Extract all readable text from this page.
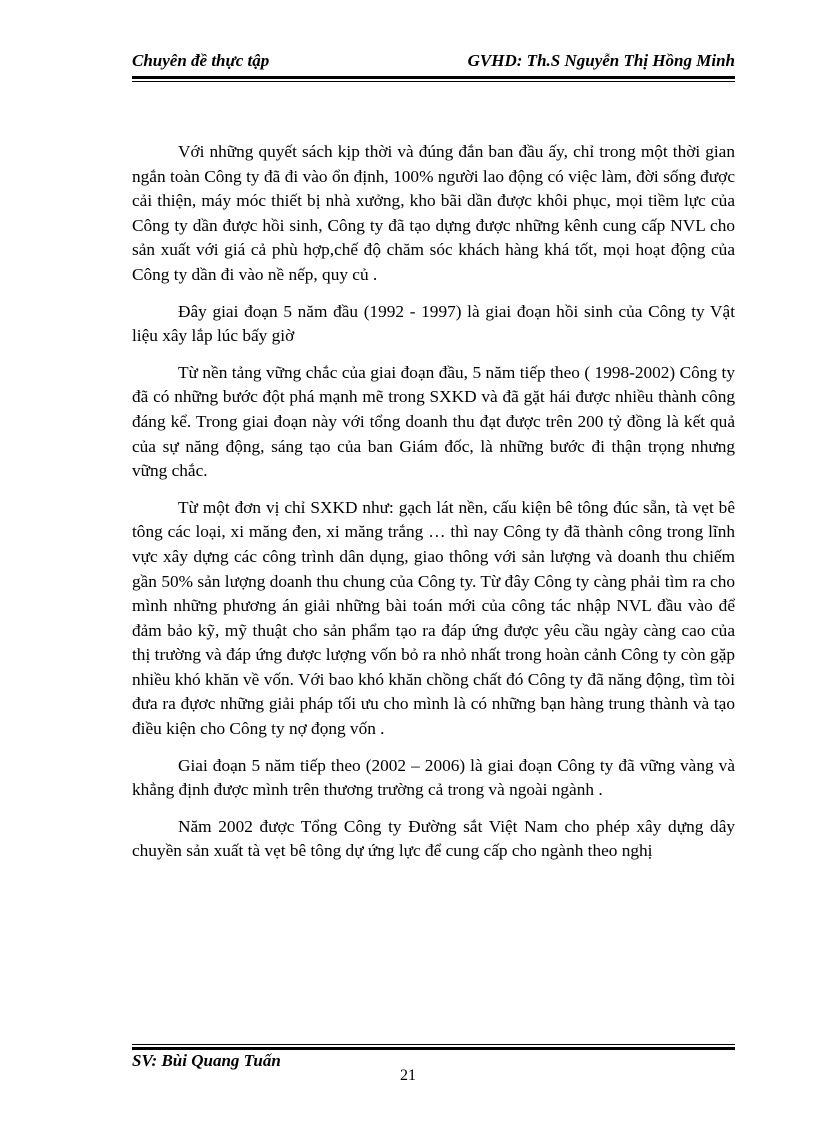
Chuyên đề thực tập	GVHD: Th.S Nguyễn Thị Hồng Minh

Với những quyết sách kịp thời và đúng đắn ban đầu ấy, chỉ trong một thời gian ngắn toàn Công ty đã đi vào ổn định, 100% người lao động có việc làm, đời sống được cải thiện, máy móc thiết bị nhà xưởng, kho bãi dần được khôi phục, mọi tiềm lực của Công ty dần được hồi sinh, Công ty đã tạo dựng được những kênh cung cấp NVL cho sản xuất với giá cả phù hợp,chế độ chăm sóc khách hàng khá tốt, mọi hoạt động của Công ty dần đi vào nề nếp, quy củ .

Đây giai đoạn 5 năm đầu (1992 - 1997) là giai đoạn hồi sinh của Công ty Vật liệu xây lắp lúc bấy giờ

Từ nền tảng vững chắc của giai đoạn đầu, 5 năm tiếp theo ( 1998-2002) Công ty đã có những bước đột phá mạnh mẽ trong SXKD và đã gặt hái được nhiều thành công đáng kể. Trong giai đoạn này với tổng doanh thu đạt được trên 200 tỷ đồng là kết quả của sự năng động, sáng tạo của ban Giám đốc, là những bước đi thận trọng nhưng vững chắc.

Từ một đơn vị chỉ SXKD như: gạch lát nền, cấu kiện bê tông đúc sẵn, tà vẹt bê tông các loại, xi măng đen, xi măng trắng … thì nay Công ty đã thành công trong lĩnh vực xây dựng các công trình dân dụng, giao thông với sản lượng và doanh thu chiếm gần 50% sản lượng doanh thu chung của Công ty. Từ đây Công ty càng phải tìm ra cho mình những phương án giải những bài toán mới của công tác nhập NVL đầu vào để đảm bảo kỹ, mỹ thuật cho sản phẩm tạo ra đáp ứng được yêu cầu ngày càng cao của thị trường và đáp ứng được lượng vốn bỏ ra nhỏ nhất trong hoàn cảnh Công ty còn gặp nhiều khó khăn về vốn. Với bao khó khăn chồng chất đó Công ty đã năng động, tìm tòi đưa ra đựơc những giải pháp tối ưu cho mình là có những bạn hàng trung thành và tạo điều kiện cho Công ty nợ đọng vốn .

Giai đoạn 5 năm tiếp theo (2002 – 2006) là giai đoạn Công ty đã vững vàng và khẳng định được mình trên thương trường cả trong và ngoài ngành .

Năm 2002 được Tổng Công ty Đường sắt Việt Nam cho phép xây dựng dây chuyền sản xuất tà vẹt bê tông dự ứng lực để cung cấp cho ngành theo nghị

SV: Bùi Quang Tuấn
21
